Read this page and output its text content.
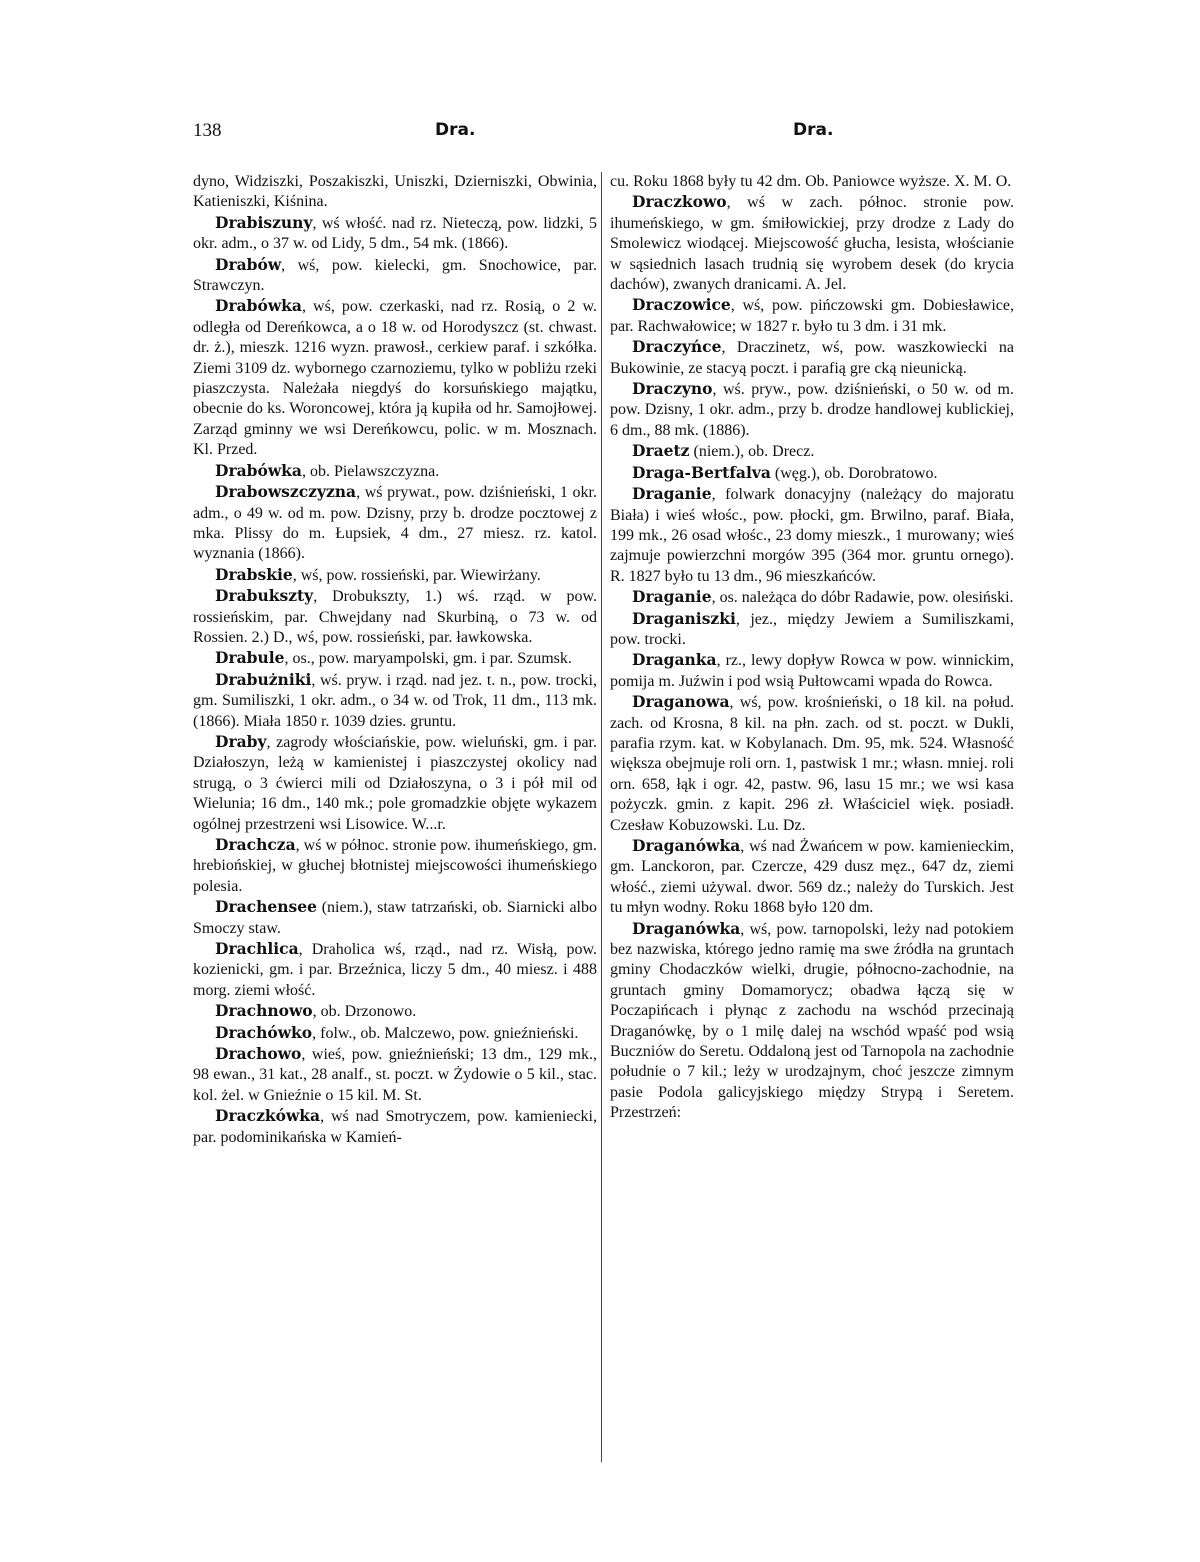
138	Dra.	Dra.

dyno, Widziszki, Poszakiszki, Uniszki, Dzierniszki, Obwinia, Katieniszki, Kiśnina.

Drabiszuny, wś włość. nad rz. Nieteczą, pow. lidzki, 5 okr. adm., o 37 w. od Lidy, 5 dm., 54 mk. (1866).

Drabów, wś, pow. kielecki, gm. Snochowice, par. Strawczyn.

Drabówka, wś, pow. czerkaski, nad rz. Rosią, o 2 w. odległa od Dereńkowca, a o 18 w. od Horodyszcz (st. chwast. dr. ż.), mieszk. 1216 wyzn. prawosł., cerkiew paraf. i szkółka. Ziemi 3109 dz. wybornego czarnoziemu, tylko w pobliżu rzeki piaszczysta. Należała niegdyś do korsuńskiego majątku, obecnie do ks. Woroncowej, która ją kupiła od hr. Samojłowej. Zarząd gminny we wsi Dereńkowcu, polic. w m. Mosznach. Kl. Przed.

Drabówka, ob. Pielawszczyzna.

Drabowszczyzna, wś prywat., pow. dziśnieński, 1 okr. adm., o 49 w. od m. pow. Dzisny, przy b. drodze pocztowej z mka. Plissy do m. Łupsiek, 4 dm., 27 miesz. rz. katol. wyznania (1866).

Drabskie, wś, pow. rossieński, par. Wiewirżany.

Drabukszty, Drobukszty, 1.) wś. rząd. w pow. rossieńskim, par. Chwejdany nad Skurbiną, o 73 w. od Rossien. 2.) D., wś, pow. rossieński, par. ławkowska.

Drabule, os., pow. maryampolski, gm. i par. Szumsk.

Drabużniki, wś. pryw. i rząd. nad jez. t. n., pow. trocki, gm. Sumiliszki, 1 okr. adm., o 34 w. od Trok, 11 dm., 113 mk. (1866). Miała 1850 r. 1039 dzies. gruntu.

Draby, zagrody włościańskie, pow. wieluński, gm. i par. Działoszyn, leżą w kamienistej i piaszczystej okolicy nad strugą, o 3 ćwierci mili od Działoszyna, o 3 i pół mil od Wielunia; 16 dm., 140 mk.; pole gromadzkie objęte wykazem ogólnej przestrzeni wsi Lisowice. W...r.

Drachcza, wś w północ. stronie pow. ihumeńskiego, gm. hrebiońskiej, w głuchej błotnistej miejscowości ihumeńskiego polesia.

Drachensee (niem.), staw tatrzański, ob. Siarnicki albo Smoczy staw.

Drachlica, Draholica wś, rząd., nad rz. Wisłą, pow. kozienicki, gm. i par. Brzeźnica, liczy 5 dm., 40 miesz. i 488 morg. ziemi włość.

Drachnowo, ob. Drzonowo.

Drachówko, folw., ob. Malczewo, pow. gnieźnieński.

Drachowo, wieś, pow. gnieźnieński; 13 dm., 129 mk., 98 ewan., 31 kat., 28 analf., st. poczt. w Żydowie o 5 kil., stac. kol. żel. w Gnieźnie o 15 kil. M. St.

Draczkówka, wś nad Smotryczem, pow. kamieniecki, par. podominikańska w Kamień-

cu. Roku 1868 były tu 42 dm. Ob. Paniowce wyższe. X. M. O.

Draczkowo, wś w zach. północ. stronie pow. ihumeńskiego, w gm. śmiłowickiej, przy drodze z Lady do Smolewicz wiodącej. Miejscowość głucha, lesista, włościanie w sąsiednich lasach trudnią się wyrobem desek (do krycia dachów), zwanych dranicami. A. Jel.

Draczowice, wś, pow. pińczowski gm. Dobiesławice, par. Rachwałowice; w 1827 r. było tu 3 dm. i 31 mk.

Draczyńce, Draczinetz, wś, pow. waszkowiecki na Bukowinie, ze stacyą poczt. i parafią gre cką nieunicką.

Draczyno, wś. pryw., pow. dziśnieński, o 50 w. od m. pow. Dzisny, 1 okr. adm., przy b. drodze handlowej kublickiej, 6 dm., 88 mk. (1886).

Draetz (niem.), ob. Drecz.

Draga-Bertfalva (węg.), ob. Dorobratowo.

Draganie, folwark donacyjny (należący do majoratu Biała) i wieś włośc., pow. płocki, gm. Brwilno, paraf. Biała, 199 mk., 26 osad włośc., 23 domy mieszk., 1 murowany; wieś zajmuje powierzchni morgów 395 (364 mor. gruntu ornego). R. 1827 było tu 13 dm., 96 mieszkańców.

Draganie, os. należąca do dóbr Radawie, pow. olesiński.

Draganiszki, jez., między Jewiem a Sumiliszkami, pow. trocki.

Draganka, rz., lewy dopływ Rowca w pow. winnickim, pomija m. Juźwin i pod wsią Pułtowcami wpada do Rowca.

Draganowa, wś, pow. krośnieński, o 18 kil. na połud. zach. od Krosna, 8 kil. na płn. zach. od st. poczt. w Dukli, parafia rzym. kat. w Kobylanach. Dm. 95, mk. 524. Własność większa obejmuje roli orn. 1, pastwisk 1 mr.; własn. mniej. roli orn. 658, łąk i ogr. 42, pastw. 96, lasu 15 mr.; we wsi kasa pożyczk. gmin. z kapit. 296 zł. Właściciel więk. posiadł. Czesław Kobuzowski. Lu. Dz.

Draganówka, wś nad Żwańcem w pow. kamienieckim, gm. Lanckoron, par. Czercze, 429 dusz męz., 647 dz, ziemi włość., ziemi używal. dwor. 569 dz.; należy do Turskich. Jest tu młyn wodny. Roku 1868 było 120 dm.

Draganówka, wś, pow. tarnopolski, leży nad potokiem bez nazwiska, którego jedno ramię ma swe źródła na gruntach gminy Chodaczków wielki, drugie, północno-zachodnie, na gruntach gminy Domamorycz; obadwa łączą się w Poczapińcach i płynąc z zachodu na wschód przecinają Draganówkę, by o 1 milę dalej na wschód wpaść pod wsią Buczniów do Seretu. Oddaloną jest od Tarnopola na zachodnie południe o 7 kil.; leży w urodzajnym, choć jeszcze zimnym pasie Podola galicyjskiego między Strypą i Seretem. Przestrzeń:
